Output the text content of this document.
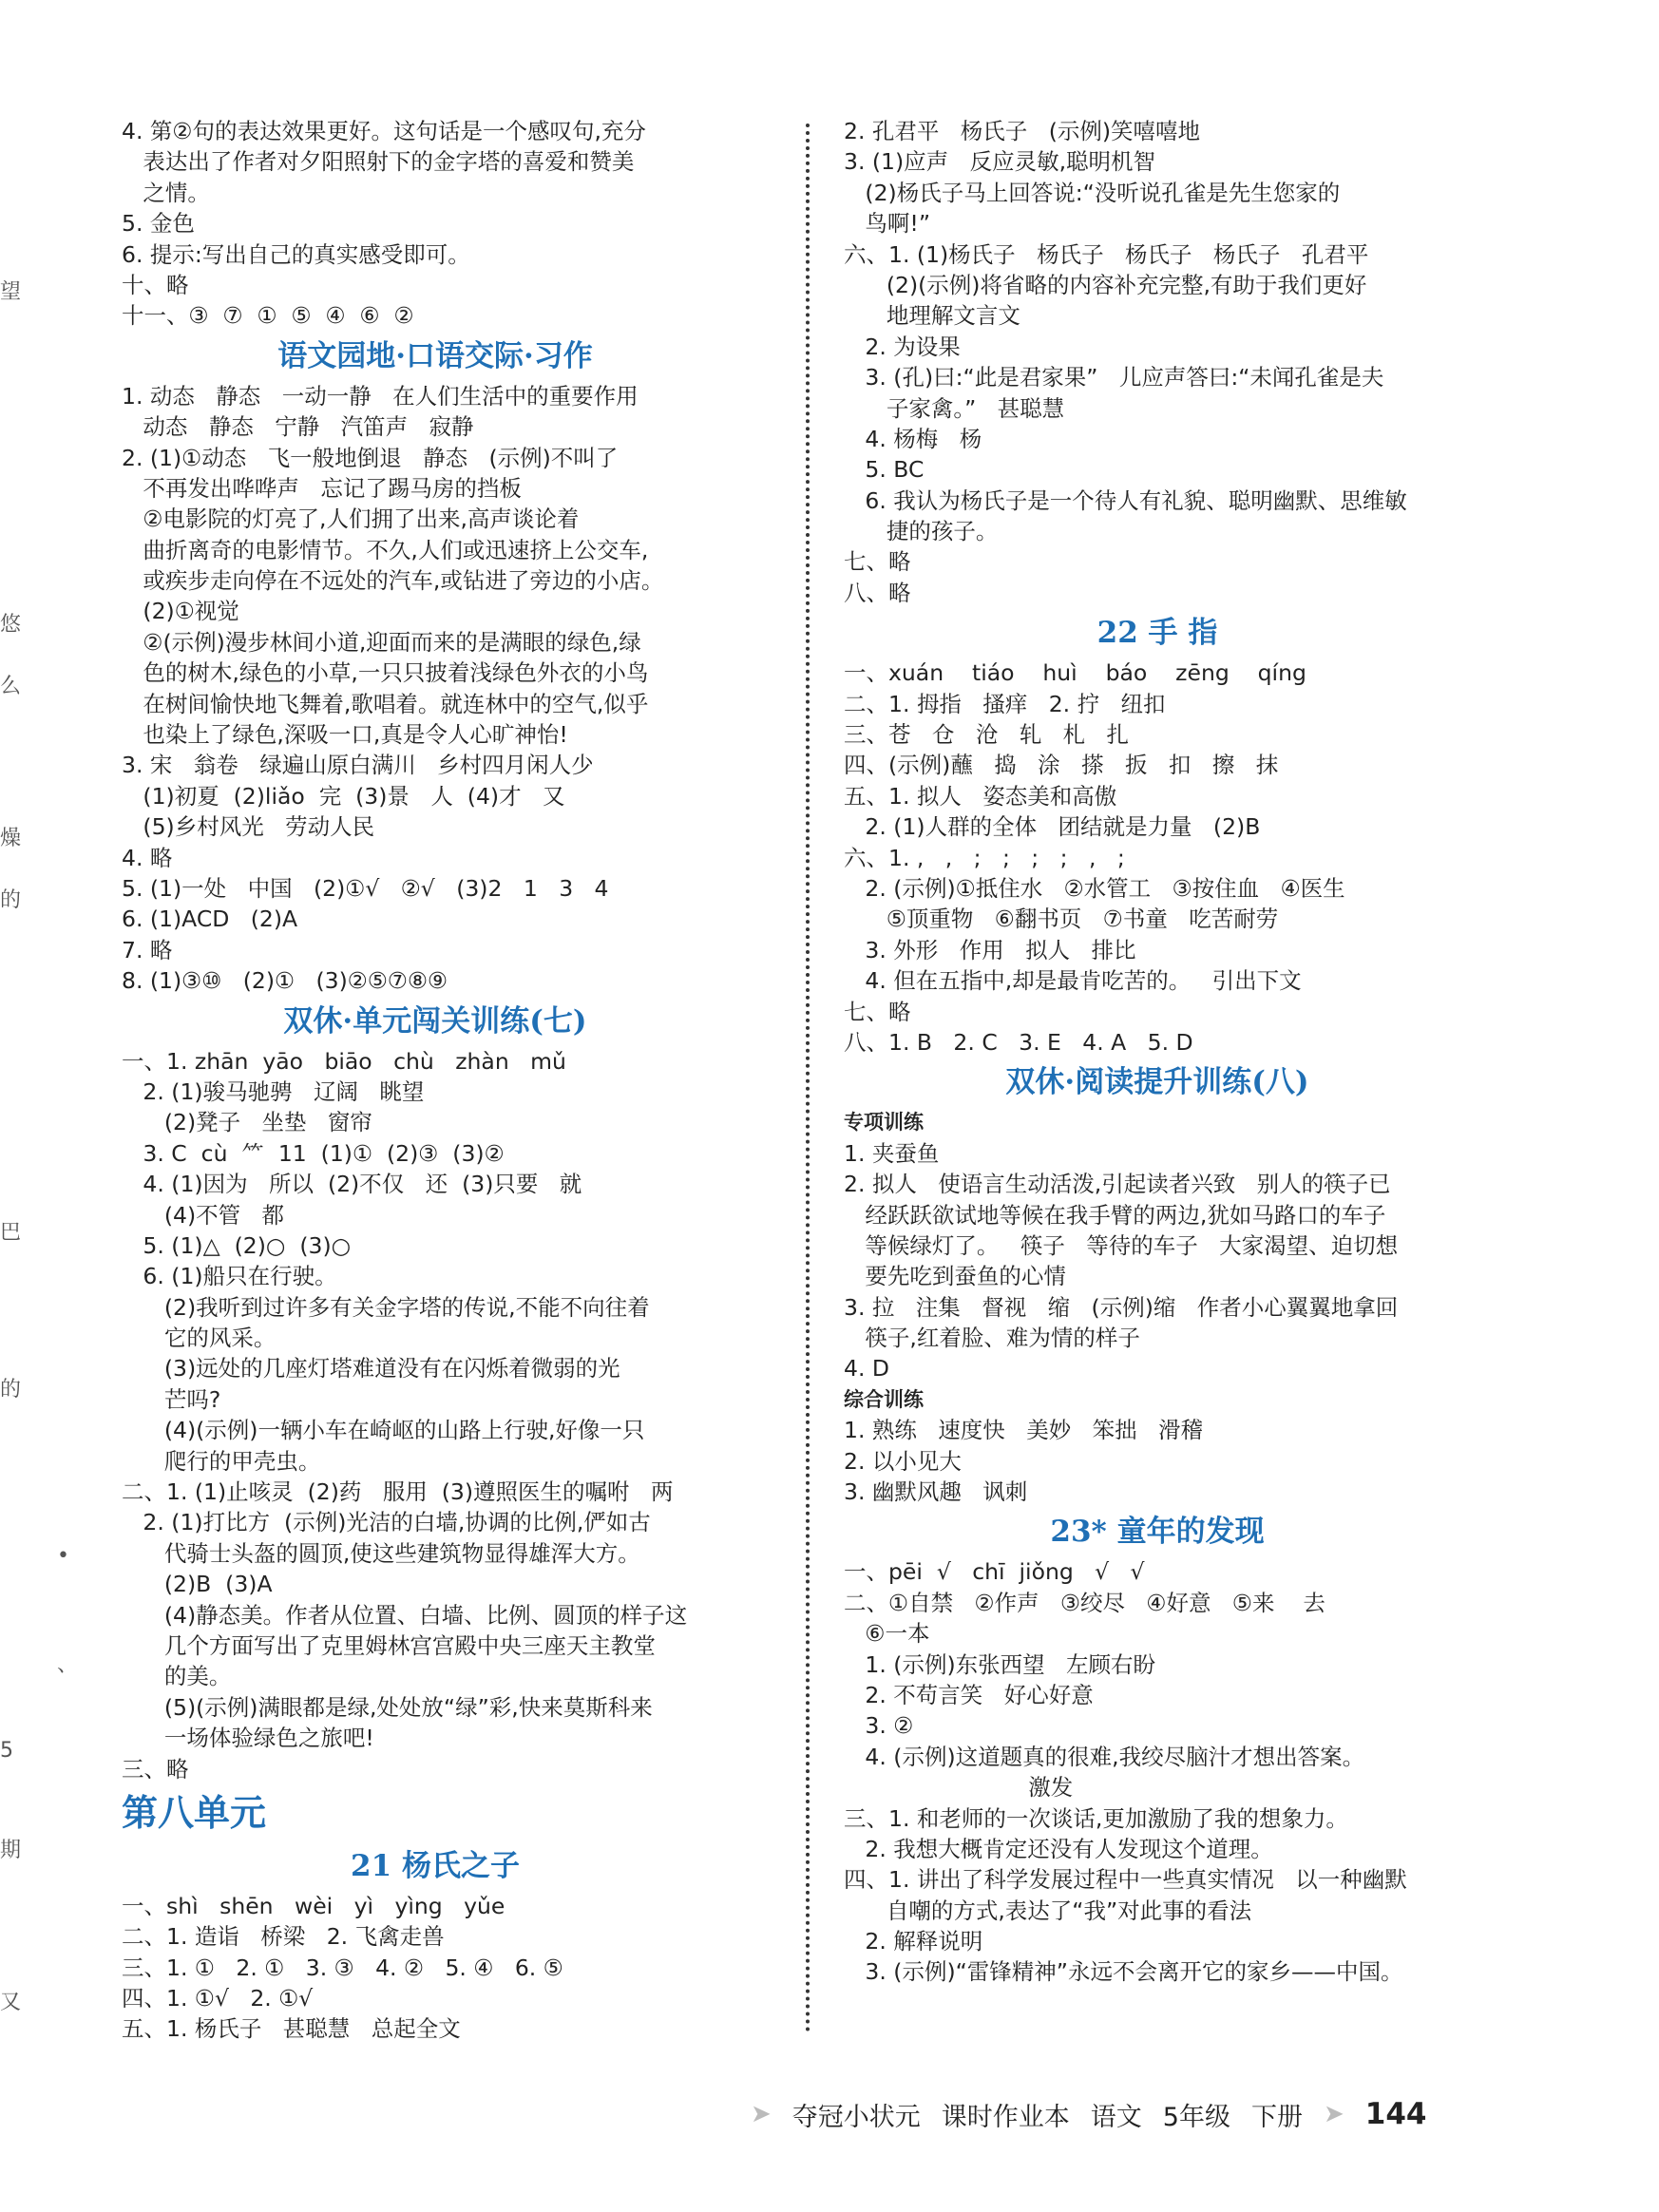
望
悠
么
燥
的
巴
的
•
、
5
期
又
4. 第②句的表达效果更好。这句话是一个感叹句,充分
表达出了作者对夕阳照射下的金字塔的喜爱和赞美
之情。
5. 金色
6. 提示:写出自己的真实感受即可。
十、略
十一、③  ⑦  ①  ⑤  ④  ⑥  ②
语文园地·口语交际·习作
1. 动态   静态   一动一静   在人们生活中的重要作用
动态   静态   宁静   汽笛声   寂静
2. (1)①动态   飞一般地倒退   静态   (示例)不叫了
不再发出哗哗声   忘记了踢马房的挡板
②电影院的灯亮了,人们拥了出来,高声谈论着
曲折离奇的电影情节。不久,人们或迅速挤上公交车,
或疾步走向停在不远处的汽车,或钻进了旁边的小店。
(2)①视觉
②(示例)漫步林间小道,迎面而来的是满眼的绿色,绿
色的树木,绿色的小草,一只只披着浅绿色外衣的小鸟
在树间愉快地飞舞着,歌唱着。就连林中的空气,似乎
也染上了绿色,深吸一口,真是令人心旷神怡!
3. 宋   翁卷   绿遍山原白满川   乡村四月闲人少
(1)初夏  (2)liǎo  完  (3)景   人  (4)才   又
(5)乡村风光   劳动人民
4. 略
5. (1)一处   中国   (2)①√   ②√   (3)2   1   3   4
6. (1)ACD   (2)A
7. 略
8. (1)③⑩   (2)①   (3)②⑤⑦⑧⑨
双休·单元闯关训练(七)
一、1. zhān  yāo   biāo   chù   zhàn   mǔ
2. (1)骏马驰骋   辽阔   眺望
(2)凳子   坐垫   窗帘
3. C  cù  ⺮  11  (1)①  (2)③  (3)②
4. (1)因为   所以  (2)不仅   还  (3)只要   就
(4)不管   都
5. (1)△  (2)○  (3)○
6. (1)船只在行驶。
(2)我听到过许多有关金字塔的传说,不能不向往着
它的风采。
(3)远处的几座灯塔难道没有在闪烁着微弱的光
芒吗?
(4)(示例)一辆小车在崎岖的山路上行驶,好像一只
爬行的甲壳虫。
二、1. (1)止咳灵  (2)药   服用  (3)遵照医生的嘱咐   两
2. (1)打比方  (示例)光洁的白墙,协调的比例,俨如古
代骑士头盔的圆顶,使这些建筑物显得雄浑大方。
(2)B  (3)A
(4)静态美。作者从位置、白墙、比例、圆顶的样子这
几个方面写出了克里姆林宫宫殿中央三座天主教堂
的美。
(5)(示例)满眼都是绿,处处放“绿”彩,快来莫斯科来
一场体验绿色之旅吧!
三、略
第八单元
21 杨氏之子
一、shì   shēn   wèi   yì   yìng   yǔe
二、1. 造诣   桥梁   2. 飞禽走兽
三、1. ①   2. ①   3. ③   4. ②   5. ④   6. ⑤
四、1. ①√   2. ①√
五、1. 杨氏子   甚聪慧   总起全文
2. 孔君平   杨氏子   (示例)笑嘻嘻地
3. (1)应声   反应灵敏,聪明机智
(2)杨氏子马上回答说:“没听说孔雀是先生您家的
鸟啊!”
六、1. (1)杨氏子   杨氏子   杨氏子   杨氏子   孔君平
(2)(示例)将省略的内容补充完整,有助于我们更好
地理解文言文
2. 为设果
3. (孔)曰:“此是君家果”   儿应声答曰:“未闻孔雀是夫
子家禽。”   甚聪慧
4. 杨梅   杨
5. BC
6. 我认为杨氏子是一个待人有礼貌、聪明幽默、思维敏
捷的孩子。
七、略
八、略
22 手 指
一、xuán    tiáo    huì    báo    zēng    qíng
二、1. 拇指   搔痒   2. 拧   纽扣
三、苍   仓   沧   轧   札   扎
四、(示例)蘸   捣   涂   搽   扳   扣   擦   抹
五、1. 拟人   姿态美和高傲
2. (1)人群的全体   团结就是力量   (2)B
六、1. ,   ,   ;   ;   ;   ;   ,   ;
2. (示例)①抵住水   ②水管工   ③按住血   ④医生
⑤顶重物   ⑥翻书页   ⑦书童   吃苦耐劳
3. 外形   作用   拟人   排比
4. 但在五指中,却是最肯吃苦的。   引出下文
七、略
八、1. B   2. C   3. E   4. A   5. D
双休·阅读提升训练(八)
专项训练
1. 夹蚕鱼
2. 拟人   使语言生动活泼,引起读者兴致   别人的筷子已
经跃跃欲试地等候在我手臂的两边,犹如马路口的车子
等候绿灯了。   筷子   等待的车子   大家渴望、迫切想
要先吃到蚕鱼的心情
3. 拉   注集   督视   缩   (示例)缩   作者小心翼翼地拿回
筷子,红着脸、难为情的样子
4. D
综合训练
1. 熟练   速度快   美妙   笨拙   滑稽
2. 以小见大
3. 幽默风趣   讽刺
23* 童年的发现
一、pēi  √   chī  jiǒng   √   √
二、①自禁   ②作声   ③绞尽   ④好意   ⑤来    去
⑥一本
1. (示例)东张西望   左顾右盼
2. 不苟言笑   好心好意
3. ②
4. (示例)这道题真的很难,我绞尽脑汁才想出答案。
激发
三、1. 和老师的一次谈话,更加激励了我的想象力。
2. 我想大概肯定还没有人发现这个道理。
四、1. 讲出了科学发展过程中一些真实情况   以一种幽默
自嘲的方式,表达了“我”对此事的看法
2. 解释说明
3. (示例)“雷锋精神”永远不会离开它的家乡——中国。
➤ 夺冠小状元 课时作业本 语文 5年级 下册 ➤ 144
